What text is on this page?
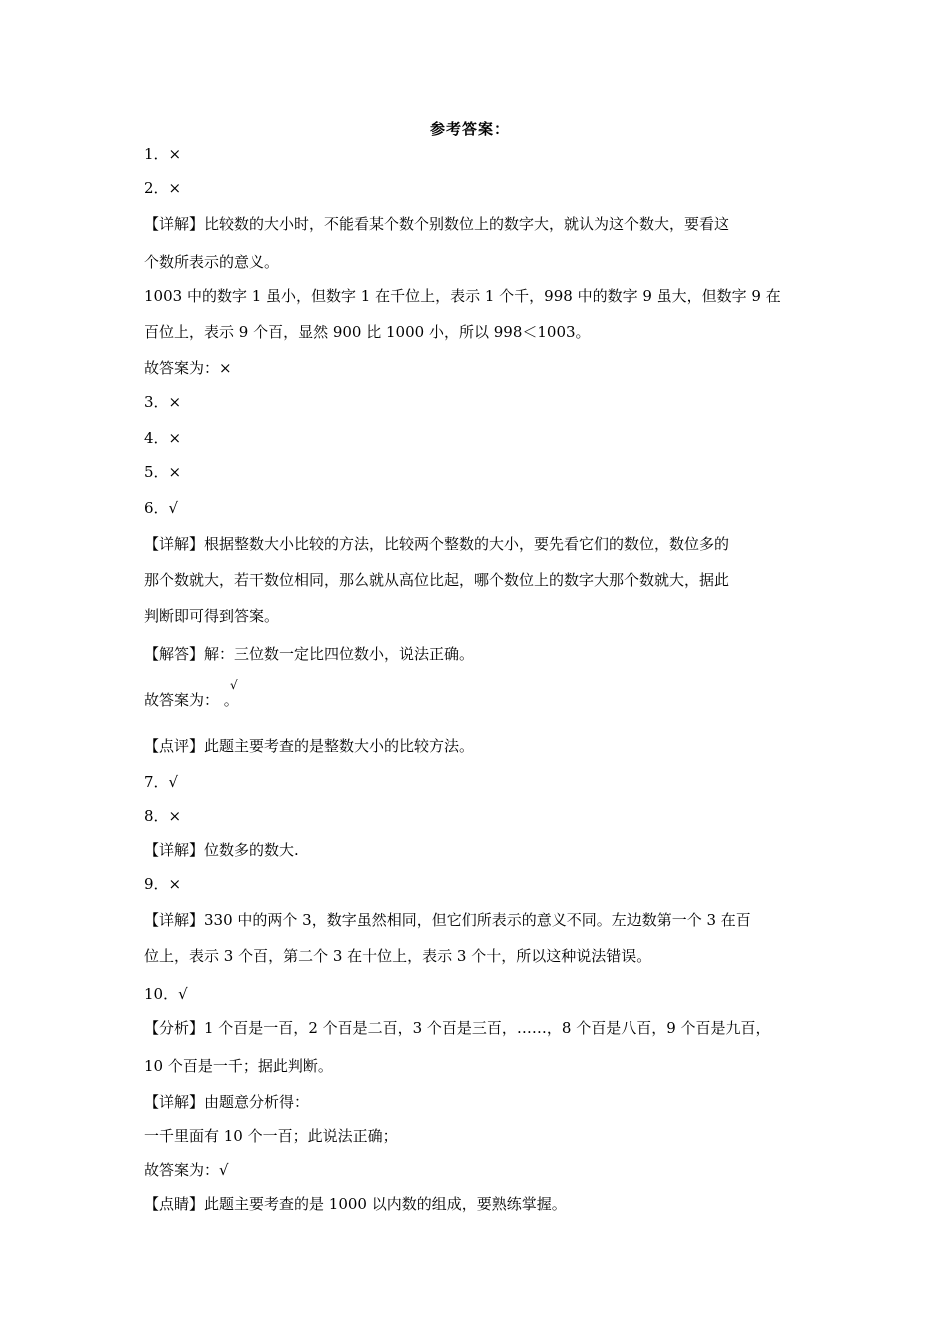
参考答案：
1．×
2．×
【详解】比较数的大小时，不能看某个数个别数位上的数字大，就认为这个数大，要看这
个数所表示的意义。
1003 中的数字 1 虽小，但数字 1 在千位上，表示 1 个千，998 中的数字 9 虽大，但数字 9 在
百位上，表示 9 个百，显然 900 比 1000 小，所以 998＜1003。
故答案为：×
3．×
4．×
5．×
6．√
【详解】根据整数大小比较的方法，比较两个整数的大小，要先看它们的数位，数位多的
那个数就大，若干数位相同，那么就从高位比起，哪个数位上的数字大那个数就大，据此
判断即可得到答案。
【解答】解：三位数一定比四位数小，说法正确。
故答案为： 。
√
【点评】此题主要考查的是整数大小的比较方法。
7．√
8．×
【详解】位数多的数大.
9．×
【详解】330 中的两个 3，数字虽然相同，但它们所表示的意义不同。左边数第一个 3 在百
位上，表示 3 个百，第二个 3 在十位上，表示 3 个十，所以这种说法错误。
10．√
【分析】1 个百是一百，2 个百是二百，3 个百是三百，……，8 个百是八百，9 个百是九百，
10 个百是一千；据此判断。
【详解】由题意分析得：
一千里面有 10 个一百；此说法正确；
故答案为：√
【点睛】此题主要考查的是 1000 以内数的组成，要熟练掌握。
